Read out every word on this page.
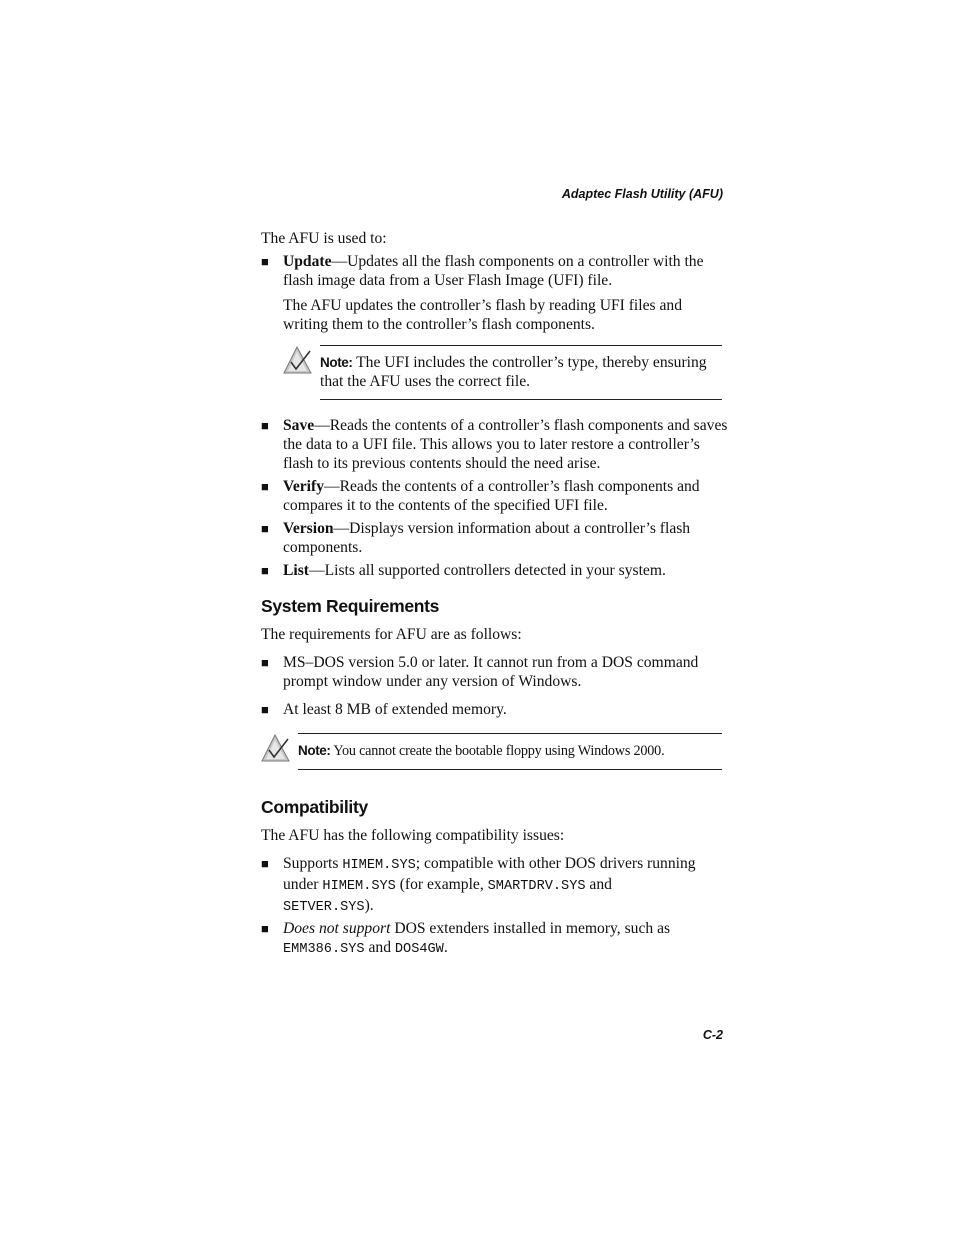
Adaptec Flash Utility (AFU)

The AFU is used to:

■ Update—Updates all the flash components on a controller with the flash image data from a User Flash Image (UFI) file.

The AFU updates the controller’s flash by reading UFI files and writing them to the controller’s flash components.

Note: The UFI includes the controller’s type, thereby ensuring that the AFU uses the correct file.
■ Save—Reads the contents of a controller’s flash components and saves the data to a UFI file. This allows you to later restore a controller’s flash to its previous contents should the need arise.
■ Verify—Reads the contents of a controller’s flash components and compares it to the contents of the specified UFI file.
■ Version—Displays version information about a controller’s flash components.
■ List—Lists all supported controllers detected in your system.
System Requirements

The requirements for AFU are as follows:

■ MS–DOS version 5.0 or later. It cannot run from a DOS command prompt window under any version of Windows.
■ At least 8 MB of extended memory.
Note: You cannot create the bootable floppy using Windows 2000.
Compatibility

The AFU has the following compatibility issues:

■ Supports HIMEM.SYS; compatible with other DOS drivers running under HIMEM.SYS (for example, SMARTDRV.SYS and
SETVER.SYS).
■ Does not support DOS extenders installed in memory, such as
EMM386.SYS and DOS4GW.
C-2
